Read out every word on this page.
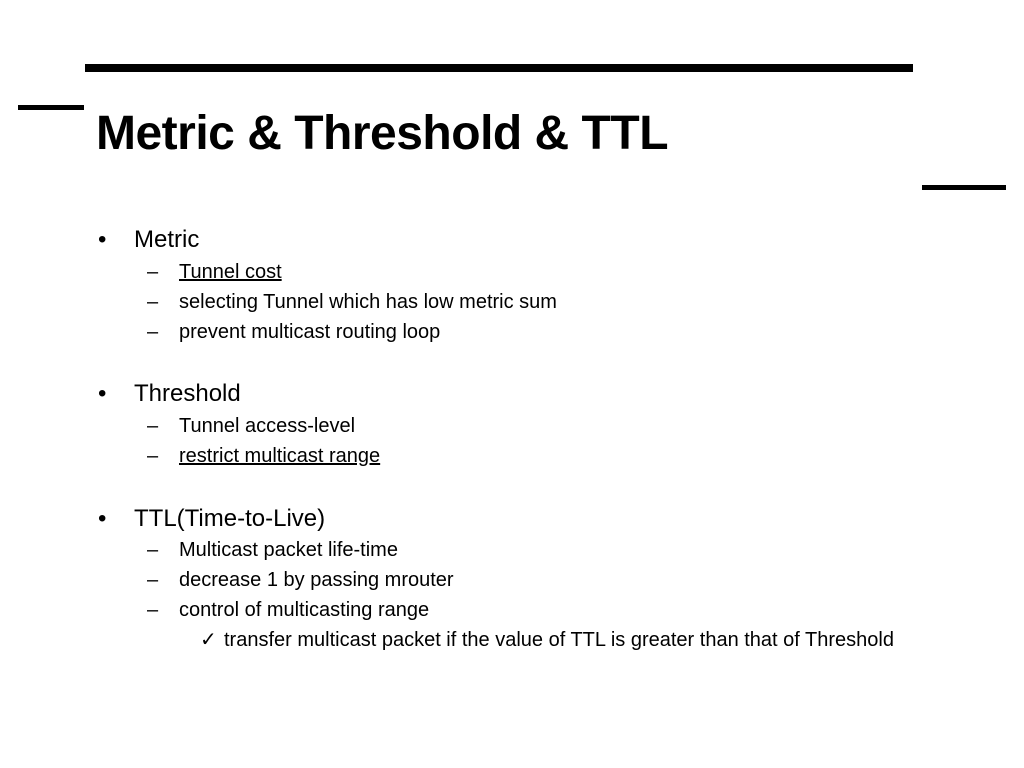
Metric & Threshold & TTL
• Metric
– Tunnel cost
– selecting Tunnel which has low metric sum
– prevent multicast routing loop
• Threshold
– Tunnel access-level
– restrict multicast range
• TTL(Time-to-Live)
– Multicast packet life-time
– decrease 1 by passing mrouter
– control of multicasting range
✓ transfer multicast packet if the value of TTL is greater than that of Threshold
